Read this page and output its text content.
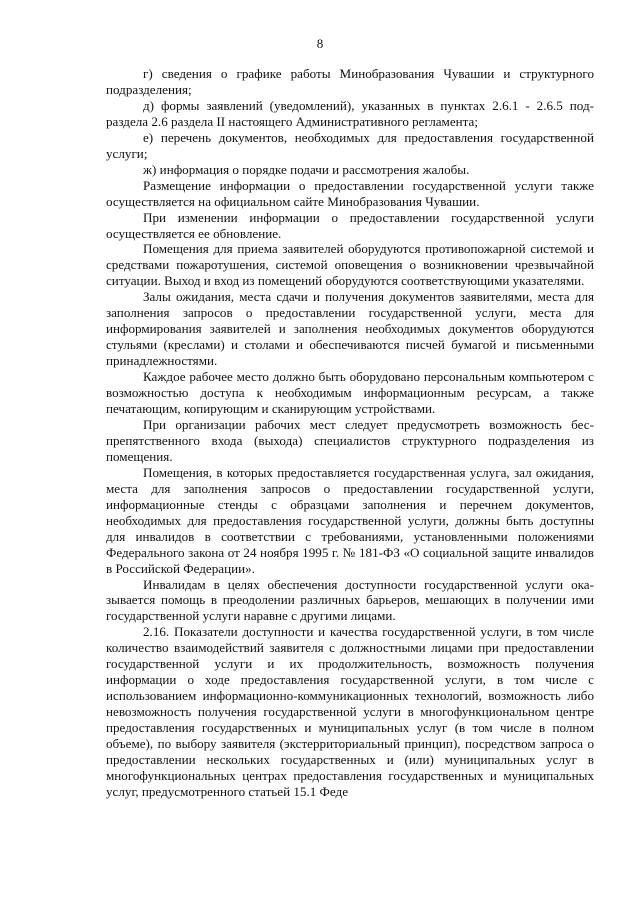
8

г) сведения о графике работы Минобразования Чувашии и структурного подразделения;

д) формы заявлений (уведомлений), указанных в пунктах 2.6.1 - 2.6.5 подраздела 2.6 раздела II настоящего Административного регламента;

е) перечень документов, необходимых для предоставления государственной услуги;

ж) информация о порядке подачи и рассмотрения жалобы.

Размещение информации о предоставлении государственной услуги также осуществляется на официальном сайте Минобразования Чувашии.

При изменении информации о предоставлении государственной услуги осуществляется ее обновление.

Помещения для приема заявителей оборудуются противопожарной системой и средствами пожаротушения, системой оповещения о возникновении чрезвычайной ситуации. Выход и вход из помещений оборудуются соответствующими указателями.

Залы ожидания, места сдачи и получения документов заявителями, места для заполнения запросов о предоставлении государственной услуги, места для информирования заявителей и заполнения необходимых документов оборудуются стульями (креслами) и столами и обеспечиваются писчей бумагой и письменными принадлежностями.

Каждое рабочее место должно быть оборудовано персональным компьютером с возможностью доступа к необходимым информационным ресурсам, а также печатающим, копирующим и сканирующим устройствами.

При организации рабочих мест следует предусмотреть возможность беспрепятственного входа (выхода) специалистов структурного подразделения из помещения.

Помещения, в которых предоставляется государственная услуга, зал ожидания, места для заполнения запросов о предоставлении государственной услуги, информационные стенды с образцами заполнения и перечнем документов, необходимых для предоставления государственной услуги, должны быть доступны для инвалидов в соответствии с требованиями, установленными положениями Федерального закона от 24 ноября 1995 г. № 181-ФЗ «О социальной защите инвалидов в Российской Федерации».

Инвалидам в целях обеспечения доступности государственной услуги оказывается помощь в преодолении различных барьеров, мешающих в получении ими государственной услуги наравне с другими лицами.

2.16. Показатели доступности и качества государственной услуги, в том числе количество взаимодействий заявителя с должностными лицами при предоставлении государственной услуги и их продолжительность, возможность получения информации о ходе предоставления государственной услуги, в том числе с использованием информационно-коммуникационных технологий, возможность либо невозможность получения государственной услуги в многофункциональном центре предоставления государственных и муниципальных услуг (в том числе в полном объеме), по выбору заявителя (экстерриториальный принцип), посредством запроса о предоставлении нескольких государственных и (или) муниципальных услуг в многофункциональных центрах предоставления государственных и муниципальных услуг, предусмотренного статьей 15.1 Феде
